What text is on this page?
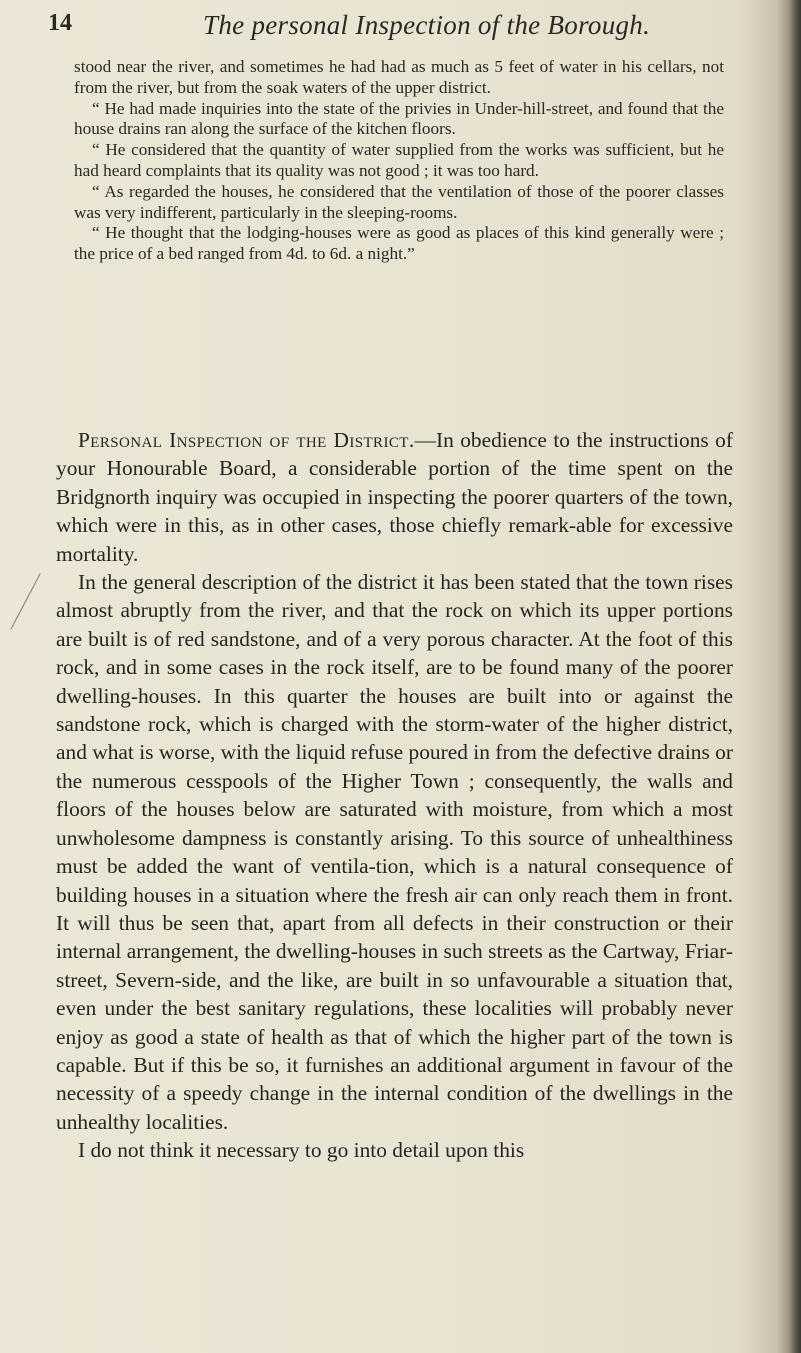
14	The personal Inspection of the Borough.

stood near the river, and sometimes he had had as much as 5 feet of water in his cellars, not from the river, but from the soak waters of the upper district.

“ He had made inquiries into the state of the privies in Under-hill-street, and found that the house drains ran along the surface of the kitchen floors.

“ He considered that the quantity of water supplied from the works was sufficient, but he had heard complaints that its quality was not good ; it was too hard.

“ As regarded the houses, he considered that the ventilation of those of the poorer classes was very indifferent, particularly in the sleeping-rooms.

“ He thought that the lodging-houses were as good as places of this kind generally were ; the price of a bed ranged from 4d. to 6d. a night.”

Personal Inspection of the District.—In obedience to the instructions of your Honourable Board, a considerable portion of the time spent on the Bridgnorth inquiry was occupied in inspecting the poorer quarters of the town, which were in this, as in other cases, those chiefly remark-able for excessive mortality.

In the general description of the district it has been stated that the town rises almost abruptly from the river, and that the rock on which its upper portions are built is of red sandstone, and of a very porous character. At the foot of this rock, and in some cases in the rock itself, are to be found many of the poorer dwelling-houses. In this quarter the houses are built into or against the sandstone rock, which is charged with the storm-water of the higher district, and what is worse, with the liquid refuse poured in from the defective drains or the numerous cesspools of the Higher Town ; consequently, the walls and floors of the houses below are saturated with moisture, from which a most unwholesome dampness is constantly arising. To this source of unhealthiness must be added the want of ventila-tion, which is a natural consequence of building houses in a situation where the fresh air can only reach them in front. It will thus be seen that, apart from all defects in their construction or their internal arrangement, the dwelling-houses in such streets as the Cartway, Friar-street, Severn-side, and the like, are built in so unfavourable a situation that, even under the best sanitary regulations, these localities will probably never enjoy as good a state of health as that of which the higher part of the town is capable. But if this be so, it furnishes an additional argument in favour of the necessity of a speedy change in the internal condition of the dwellings in the unhealthy localities.

I do not think it necessary to go into detail upon this
